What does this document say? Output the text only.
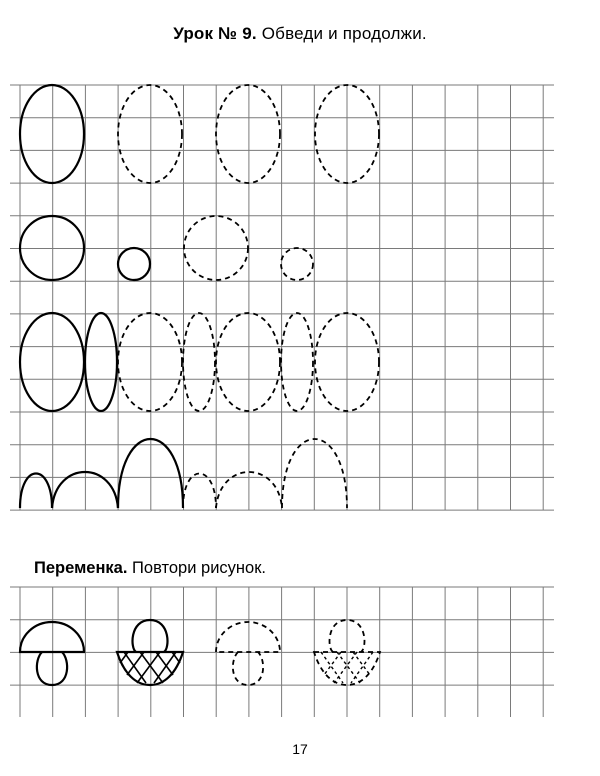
Урок № 9. Обведи и продолжи.
Переменка. Повтори рисунок.
17
